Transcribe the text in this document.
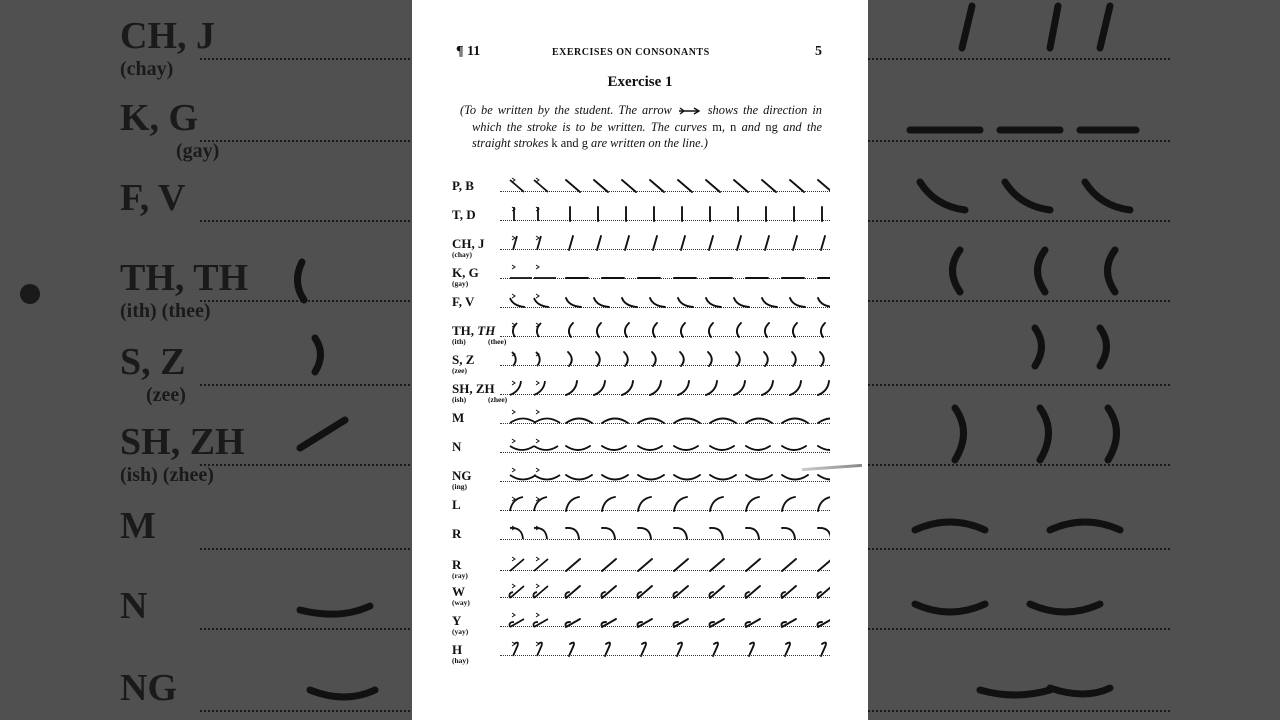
CH, J
(chay)
K, G
(gay)
F, V
TH, TH
(ith) (thee)
S, Z
(zee)
SH, ZH
(ish) (zhee)
M
N
NG
¶ 11	EXERCISES ON CONSONANTS	5
Exercise 1
(To be written by the student. The arrow	shows the direction in which the stroke is to be written. The curves m, n and ng and the straight strokes k and g are written on the line.)
P, B
T, D
CH, J
(chay)
K, G
(gay)
F, V
TH, TH
(ith)	(thee)
S, Z
(zee)
SH, ZH
(ish)	(zhee)
M
N
NG
(ing)
L
R
R
(ray)
W
(way)
Y
(yay)
H
(hay)
